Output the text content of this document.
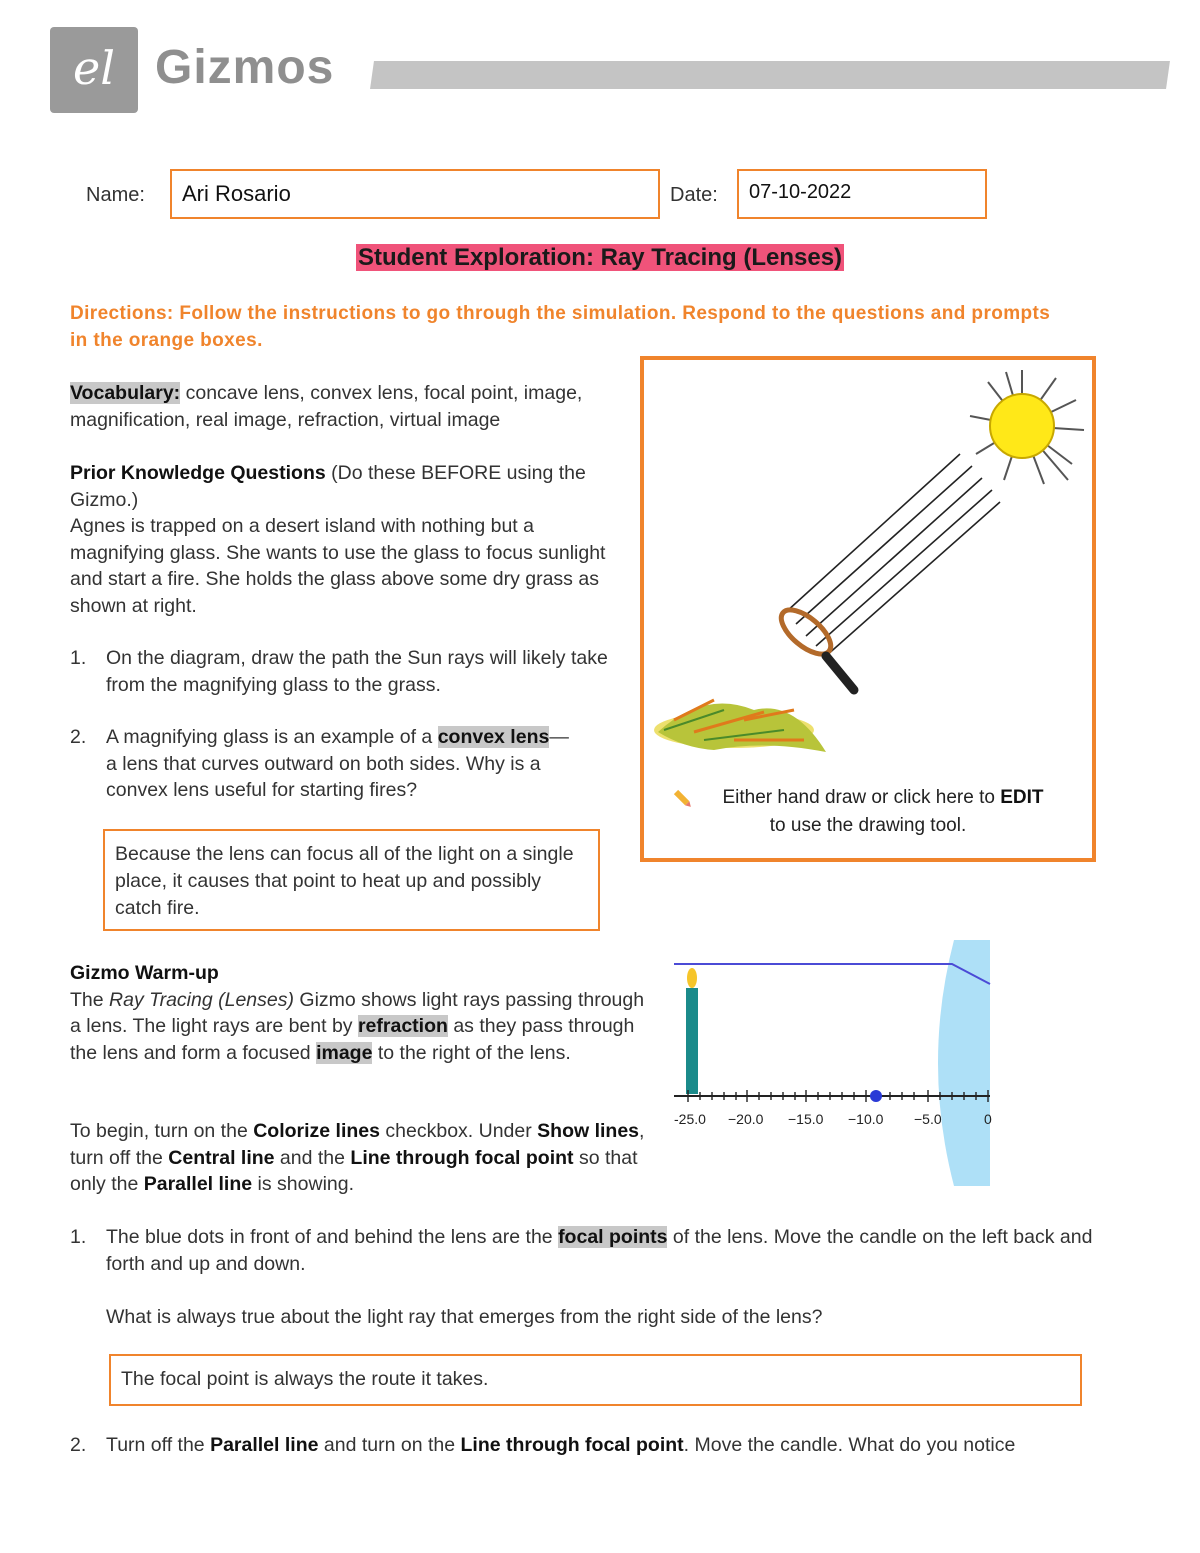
el Gizmos
Name:	Ari Rosario	Date:	07-10-2022
Student Exploration: Ray Tracing (Lenses)
Directions: Follow the instructions to go through the simulation. Respond to the questions and prompts in the orange boxes.
Vocabulary: concave lens, convex lens, focal point, image, magnification, real image, refraction, virtual image
Prior Knowledge Questions (Do these BEFORE using the Gizmo.)
Agnes is trapped on a desert island with nothing but a magnifying glass. She wants to use the glass to focus sunlight and start a fire. She holds the glass above some dry grass as shown at right.
1.	On the diagram, draw the path the Sun rays will likely take from the magnifying glass to the grass.
2.	A magnifying glass is an example of a convex lens—a lens that curves outward on both sides. Why is a convex lens useful for starting fires?
Because the lens can focus all of the light on a single place, it causes that point to heat up and possibly catch fire.
Either hand draw or click here to EDIT
to use the drawing tool.
Gizmo Warm-up
The Ray Tracing (Lenses) Gizmo shows light rays passing through a lens. The light rays are bent by refraction as they pass through the lens and form a focused image to the right of the lens.
To begin, turn on the Colorize lines checkbox. Under Show lines, turn off the Central line and the Line through focal point so that only the Parallel line is showing.
-25.0 −20.0 −15.0 −10.0 −5.0	0
1.	The blue dots in front of and behind the lens are the focal points of the lens. Move the candle on the left back and forth and up and down.
What is always true about the light ray that emerges from the right side of the lens?
The focal point is always the route it takes.
2.	Turn off the Parallel line and turn on the Line through focal point. Move the candle. What do you notice
